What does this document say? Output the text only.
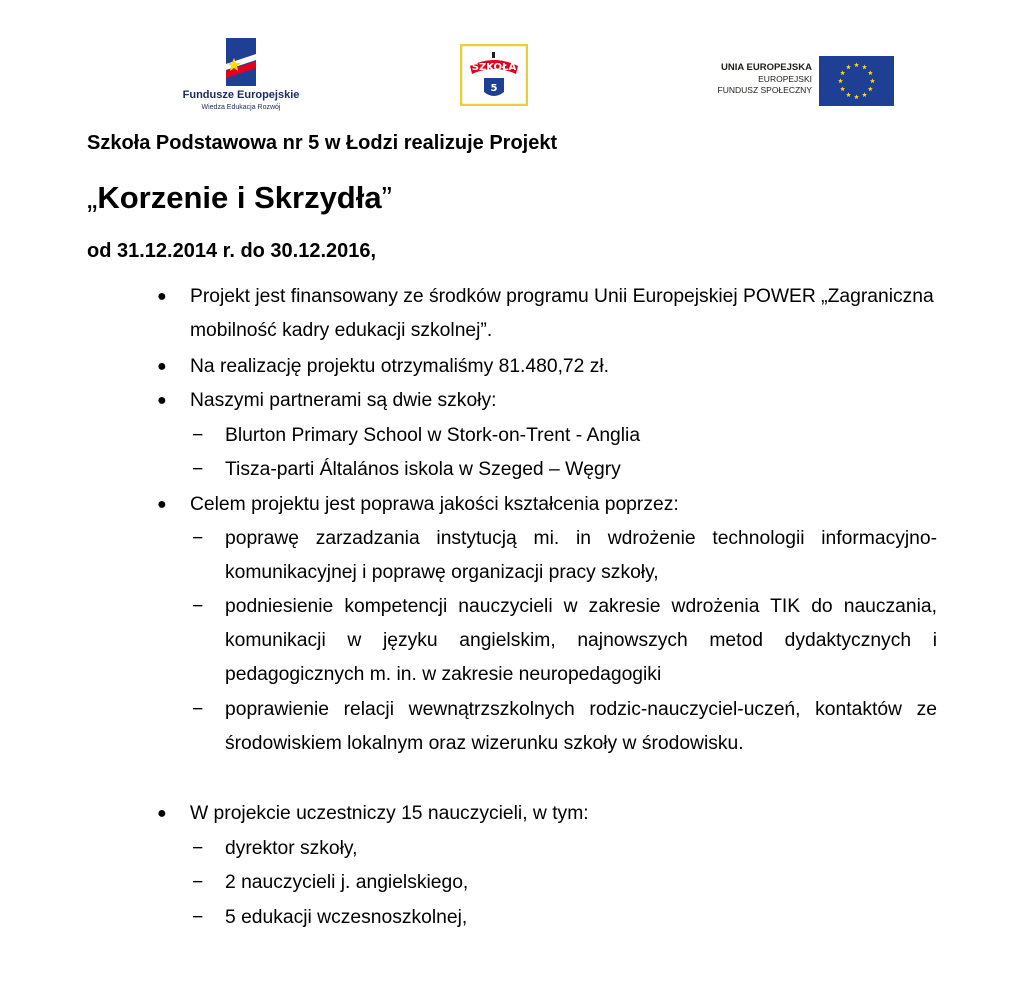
Fundusze Europejskie
Wiedza Edukacja Rozwój
SZKOŁA
5
UNIA EUROPEJSKA
EUROPEJSKI
FUNDUSZ SPOŁECZNY
Szkoła Podstawowa nr 5 w Łodzi realizuje Projekt
„Korzenie i Skrzydła”
od 31.12.2014 r. do 30.12.2016,
● Projekt jest finansowany ze środków programu Unii Europejskiej POWER „Zagraniczna mobilność kadry edukacji szkolnej”.
● Na realizację projektu otrzymaliśmy 81.480,72 zł.
● Naszymi partnerami są dwie szkoły:
− Blurton Primary School w Stork-on-Trent - Anglia
− Tisza-parti Általános iskola w Szeged – Węgry
● Celem projektu jest poprawa jakości kształcenia poprzez:
− poprawę zarzadzania instytucją mi. in wdrożenie technologii informacyjno-komunikacyjnej i poprawę organizacji pracy szkoły,
− podniesienie kompetencji nauczycieli w zakresie wdrożenia TIK do nauczania, komunikacji w języku angielskim, najnowszych metod dydaktycznych i pedagogicznych m. in. w zakresie neuropedagogiki
− poprawienie relacji wewnątrzszkolnych rodzic-nauczyciel-uczeń, kontaktów ze środowiskiem lokalnym oraz wizerunku szkoły w środowisku.
● W projekcie uczestniczy 15 nauczycieli, w tym:
− dyrektor szkoły,
− 2 nauczycieli j. angielskiego,
− 5 edukacji wczesnoszkolnej,
